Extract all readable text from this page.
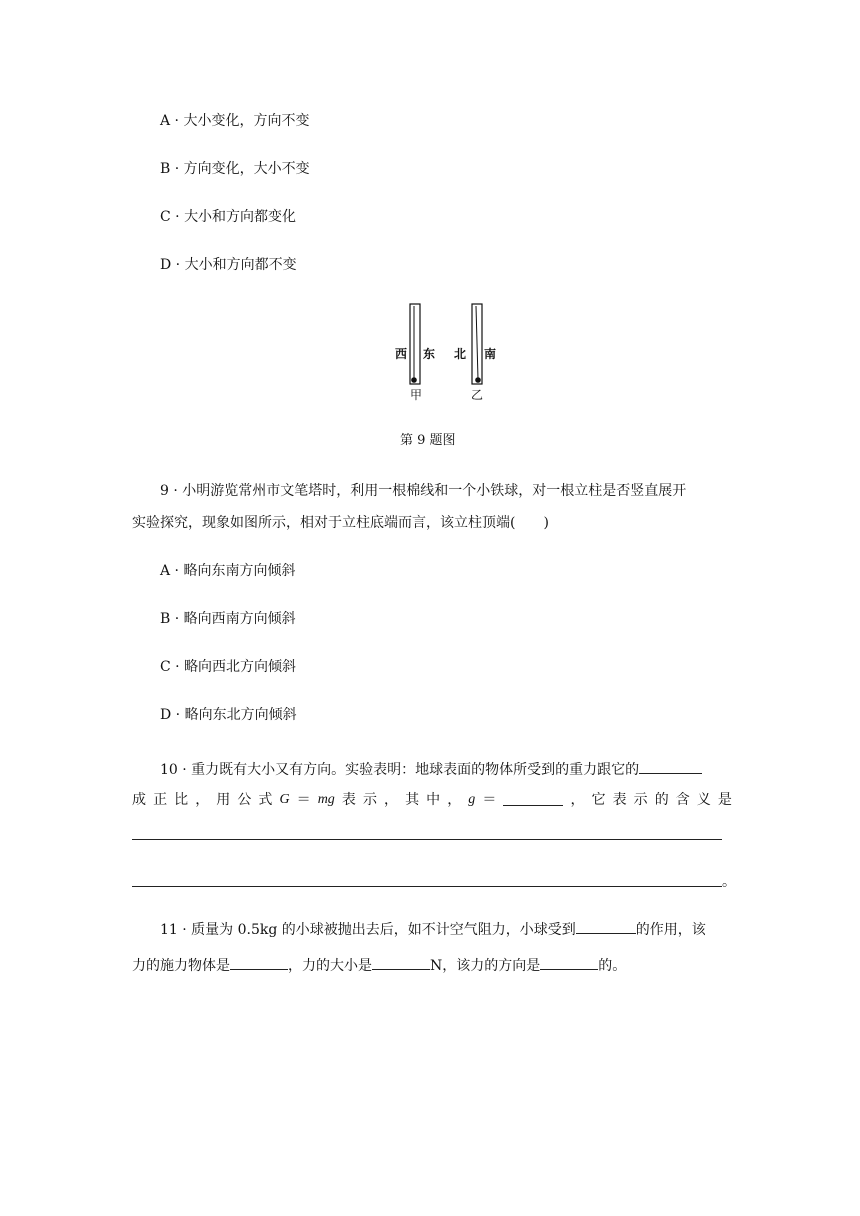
A · 大小变化，方向不变
B · 方向变化，大小不变
C · 大小和方向都变化
D · 大小和方向都不变
西 东 北 南
甲	乙
第 9 题图
9 · 小明游览常州市文笔塔时，利用一根棉线和一个小铁球，对一根立柱是否竖直展开
实验探究，现象如图所示，相对于立柱底端而言，该立柱顶端(　　)
A · 略向东南方向倾斜
B · 略向西南方向倾斜
C · 略向西北方向倾斜
D · 略向东北方向倾斜
10 · 重力既有大小又有方向。实验表明：地球表面的物体所受到的重力跟它的
成 正 比 ， 用 公 式 G ＝ mg 表 示 ， 其 中 ， g ＝	， 它 表 示 的 含 义 是
。
11 · 质量为 0.5kg 的小球被抛出去后，如不计空气阻力，小球受到	的作用，该
力的施力物体是	，力的大小是	N，该力的方向是	的。
